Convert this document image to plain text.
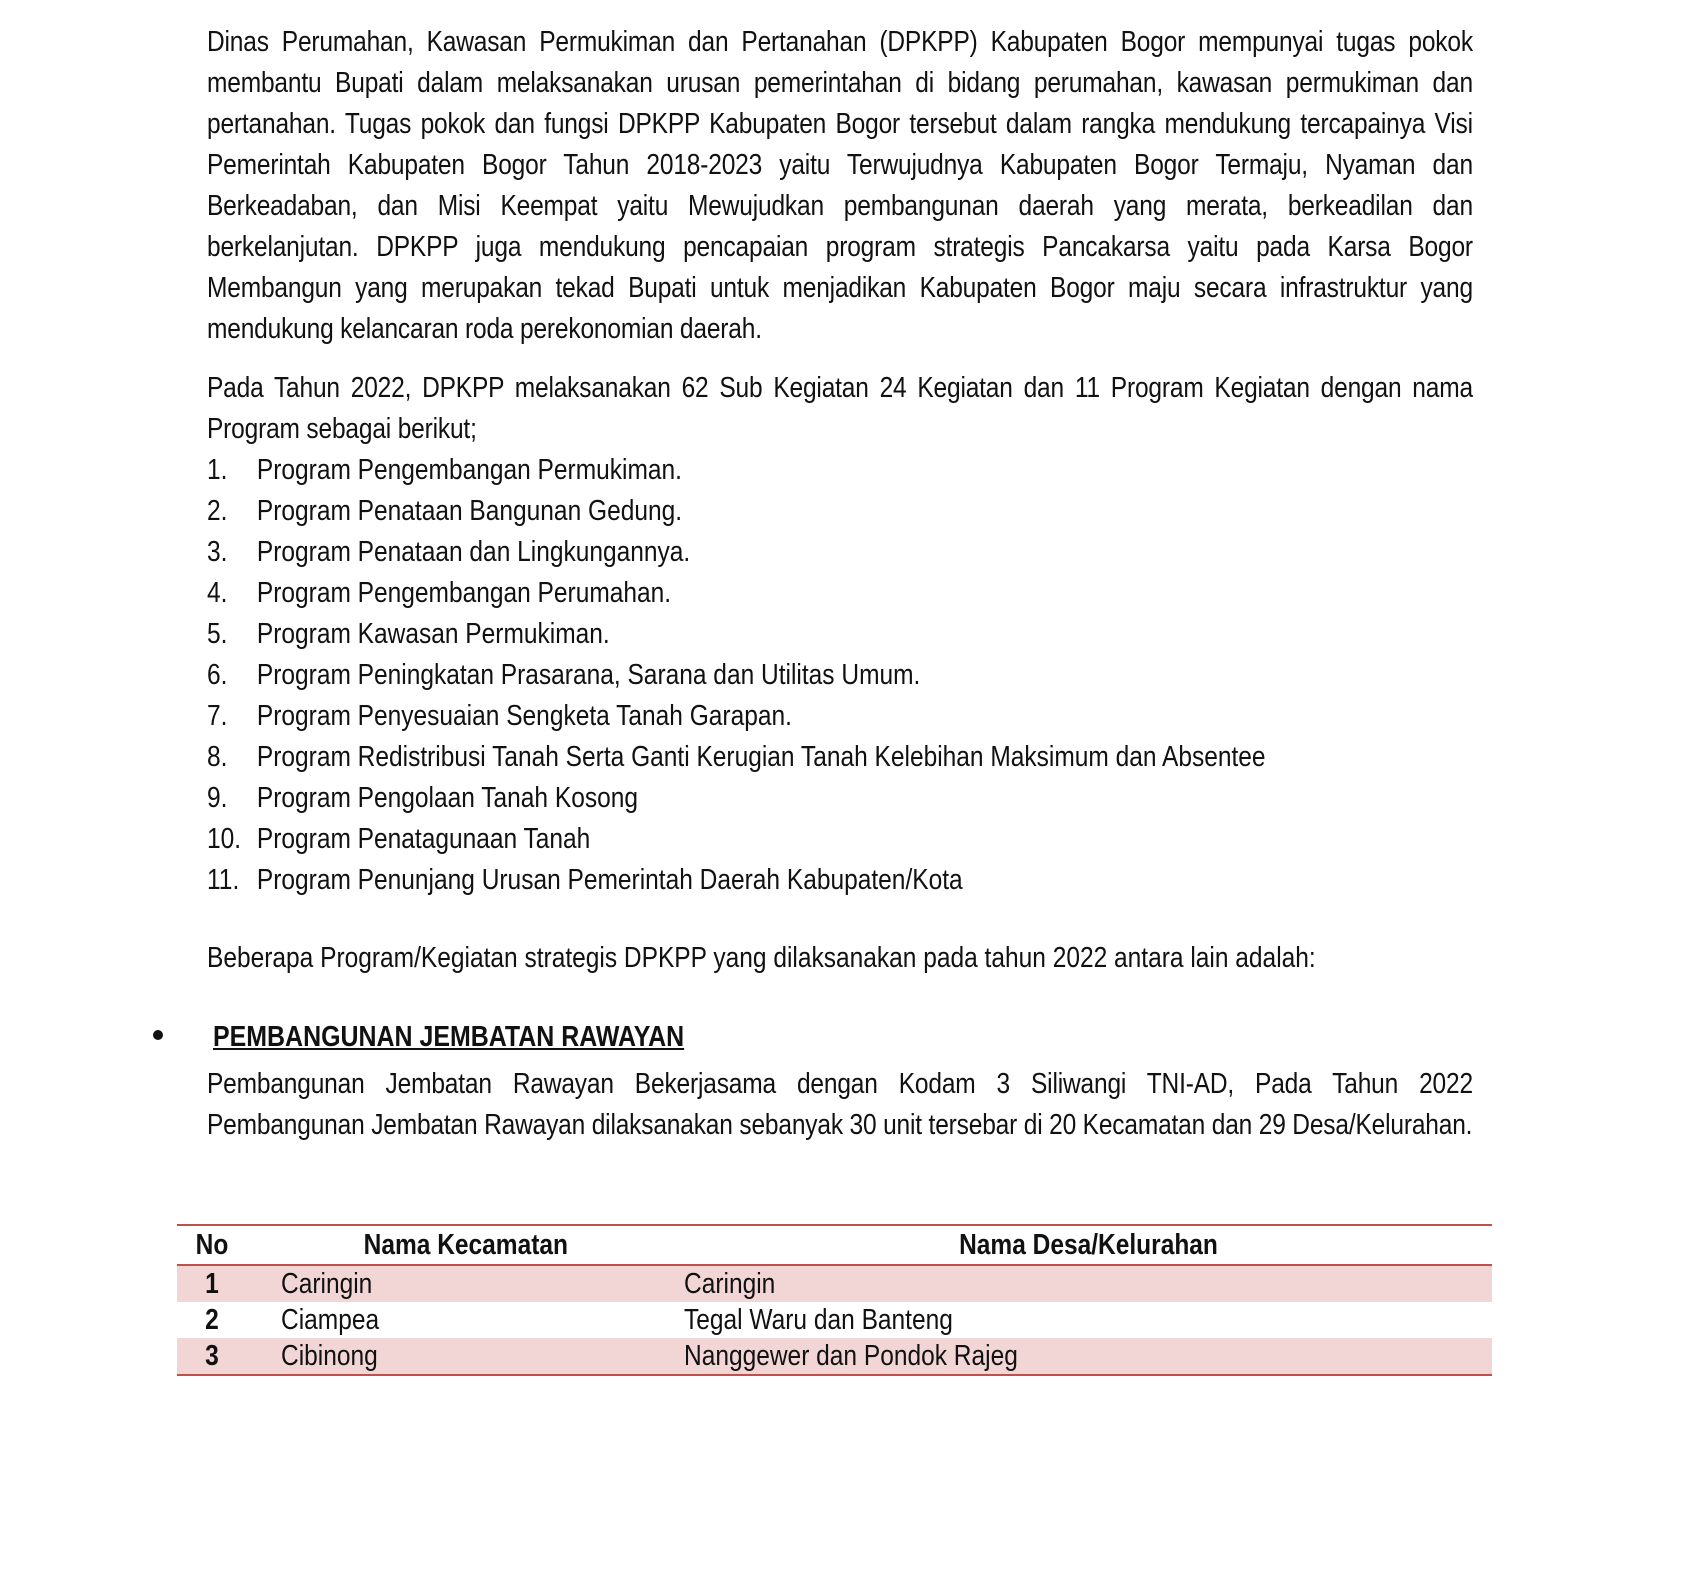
Dinas Perumahan, Kawasan Permukiman dan Pertanahan (DPKPP) Kabupaten Bogor mempunyai tugas pokok membantu Bupati dalam melaksanakan urusan pemerintahan di bidang perumahan, kawasan permukiman dan pertanahan. Tugas pokok dan fungsi DPKPP Kabupaten Bogor tersebut dalam rangka mendukung tercapainya Visi Pemerintah Kabupaten Bogor Tahun 2018-2023 yaitu Terwujudnya Kabupaten Bogor Termaju, Nyaman dan Berkeadaban, dan Misi Keempat yaitu Mewujudkan pembangunan daerah yang merata, berkeadilan dan berkelanjutan. DPKPP juga mendukung pencapaian program strategis Pancakarsa yaitu pada Karsa Bogor Membangun yang merupakan tekad Bupati untuk menjadikan Kabupaten Bogor maju secara infrastruktur yang mendukung kelancaran roda perekonomian daerah.

Pada Tahun 2022, DPKPP melaksanakan 62 Sub Kegiatan 24 Kegiatan dan 11 Program Kegiatan dengan nama Program sebagai berikut;

1.	Program Pengembangan Permukiman.
2.	Program Penataan Bangunan Gedung.
3.	Program Penataan dan Lingkungannya.
4.	Program Pengembangan Perumahan.
5.	Program Kawasan Permukiman.
6.	Program Peningkatan Prasarana, Sarana dan Utilitas Umum.
7.	Program Penyesuaian Sengketa Tanah Garapan.
8.	Program Redistribusi Tanah Serta Ganti Kerugian Tanah Kelebihan Maksimum dan Absentee
9.	Program Pengolaan Tanah Kosong
10. Program Penatagunaan Tanah
11. Program Penunjang Urusan Pemerintah Daerah Kabupaten/Kota
Beberapa Program/Kegiatan strategis DPKPP yang dilaksanakan pada tahun 2022 antara lain adalah:
PEMBANGUNAN JEMBATAN RAWAYAN

Pembangunan Jembatan Rawayan Bekerjasama dengan Kodam 3 Siliwangi TNI-AD, Pada Tahun 2022 Pembangunan Jembatan Rawayan dilaksanakan sebanyak 30 unit tersebar di 20 Kecamatan dan 29 Desa/Kelurahan.

No	Nama Kecamatan	Nama Desa/Kelurahan
1	Caringin	Caringin
2	Ciampea	Tegal Waru dan Banteng
3	Cibinong	Nanggewer dan Pondok Rajeg
